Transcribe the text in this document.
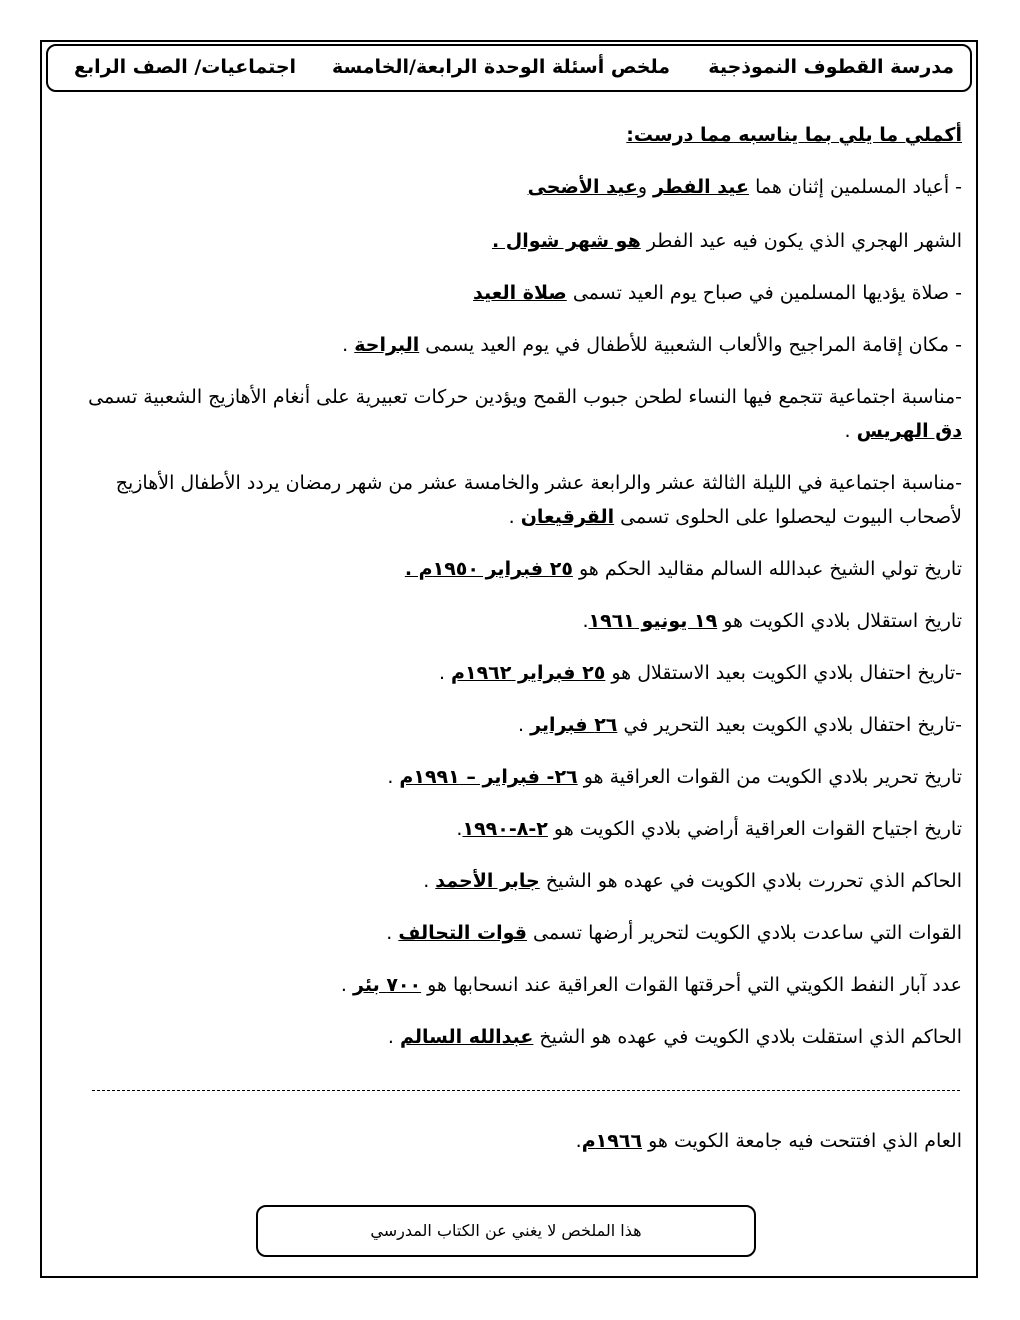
مدرسة القطوف النموذجية
ملخص أسئلة الوحدة الرابعة/الخامسة
اجتماعيات/ الصف الرابع
أكملي ما يلي بما يناسبه مما درست:
- أعياد المسلمين إثنان هما عيد الفطر وعيد الأضحى
الشهر الهجري الذي يكون فيه عيد الفطر هو شهر شوال .
- صلاة يؤديها المسلمين في صباح يوم العيد تسمى صلاة العيد
- مكان إقامة المراجيح والألعاب الشعبية للأطفال في يوم العيد يسمى البراحة .
-مناسبة اجتماعية تتجمع فيها النساء لطحن جبوب القمح ويؤدين حركات تعبيرية على أنغام الأهازيج الشعبية تسمى دق الهريس .
-مناسبة اجتماعية في الليلة الثالثة عشر والرابعة عشر والخامسة عشر من شهر رمضان يردد الأطفال الأهازيج لأصحاب البيوت ليحصلوا على الحلوى تسمى القرقيعان .
تاريخ تولي الشيخ عبدالله السالم مقاليد الحكم هو ٢٥ فبراير ١٩٥٠م .
تاريخ استقلال بلادي الكويت هو ١٩ يونيو ١٩٦١.
-تاريخ احتفال بلادي الكويت بعيد الاستقلال هو ٢٥ فبراير ١٩٦٢م .
-تاريخ احتفال بلادي الكويت بعيد التحرير في ٢٦ فبراير .
تاريخ تحرير بلادي الكويت من القوات العراقية هو ٢٦- فبراير – ١٩٩١م .
تاريخ اجتياح القوات العراقية أراضي بلادي الكويت هو ٢-٨-١٩٩٠.
الحاكم الذي تحررت بلادي الكويت في عهده هو الشيخ جابر الأحمد .
القوات التي ساعدت بلادي الكويت لتحرير أرضها تسمى قوات التحالف .
عدد آبار النفط الكويتي التي أحرقتها القوات العراقية عند انسحابها هو ٧٠٠ بئر .
الحاكم الذي استقلت بلادي الكويت في عهده هو الشيخ عبدالله السالم .
العام الذي افتتحت فيه جامعة الكويت هو ١٩٦٦م.
هذا الملخص لا يغني عن الكتاب المدرسي
